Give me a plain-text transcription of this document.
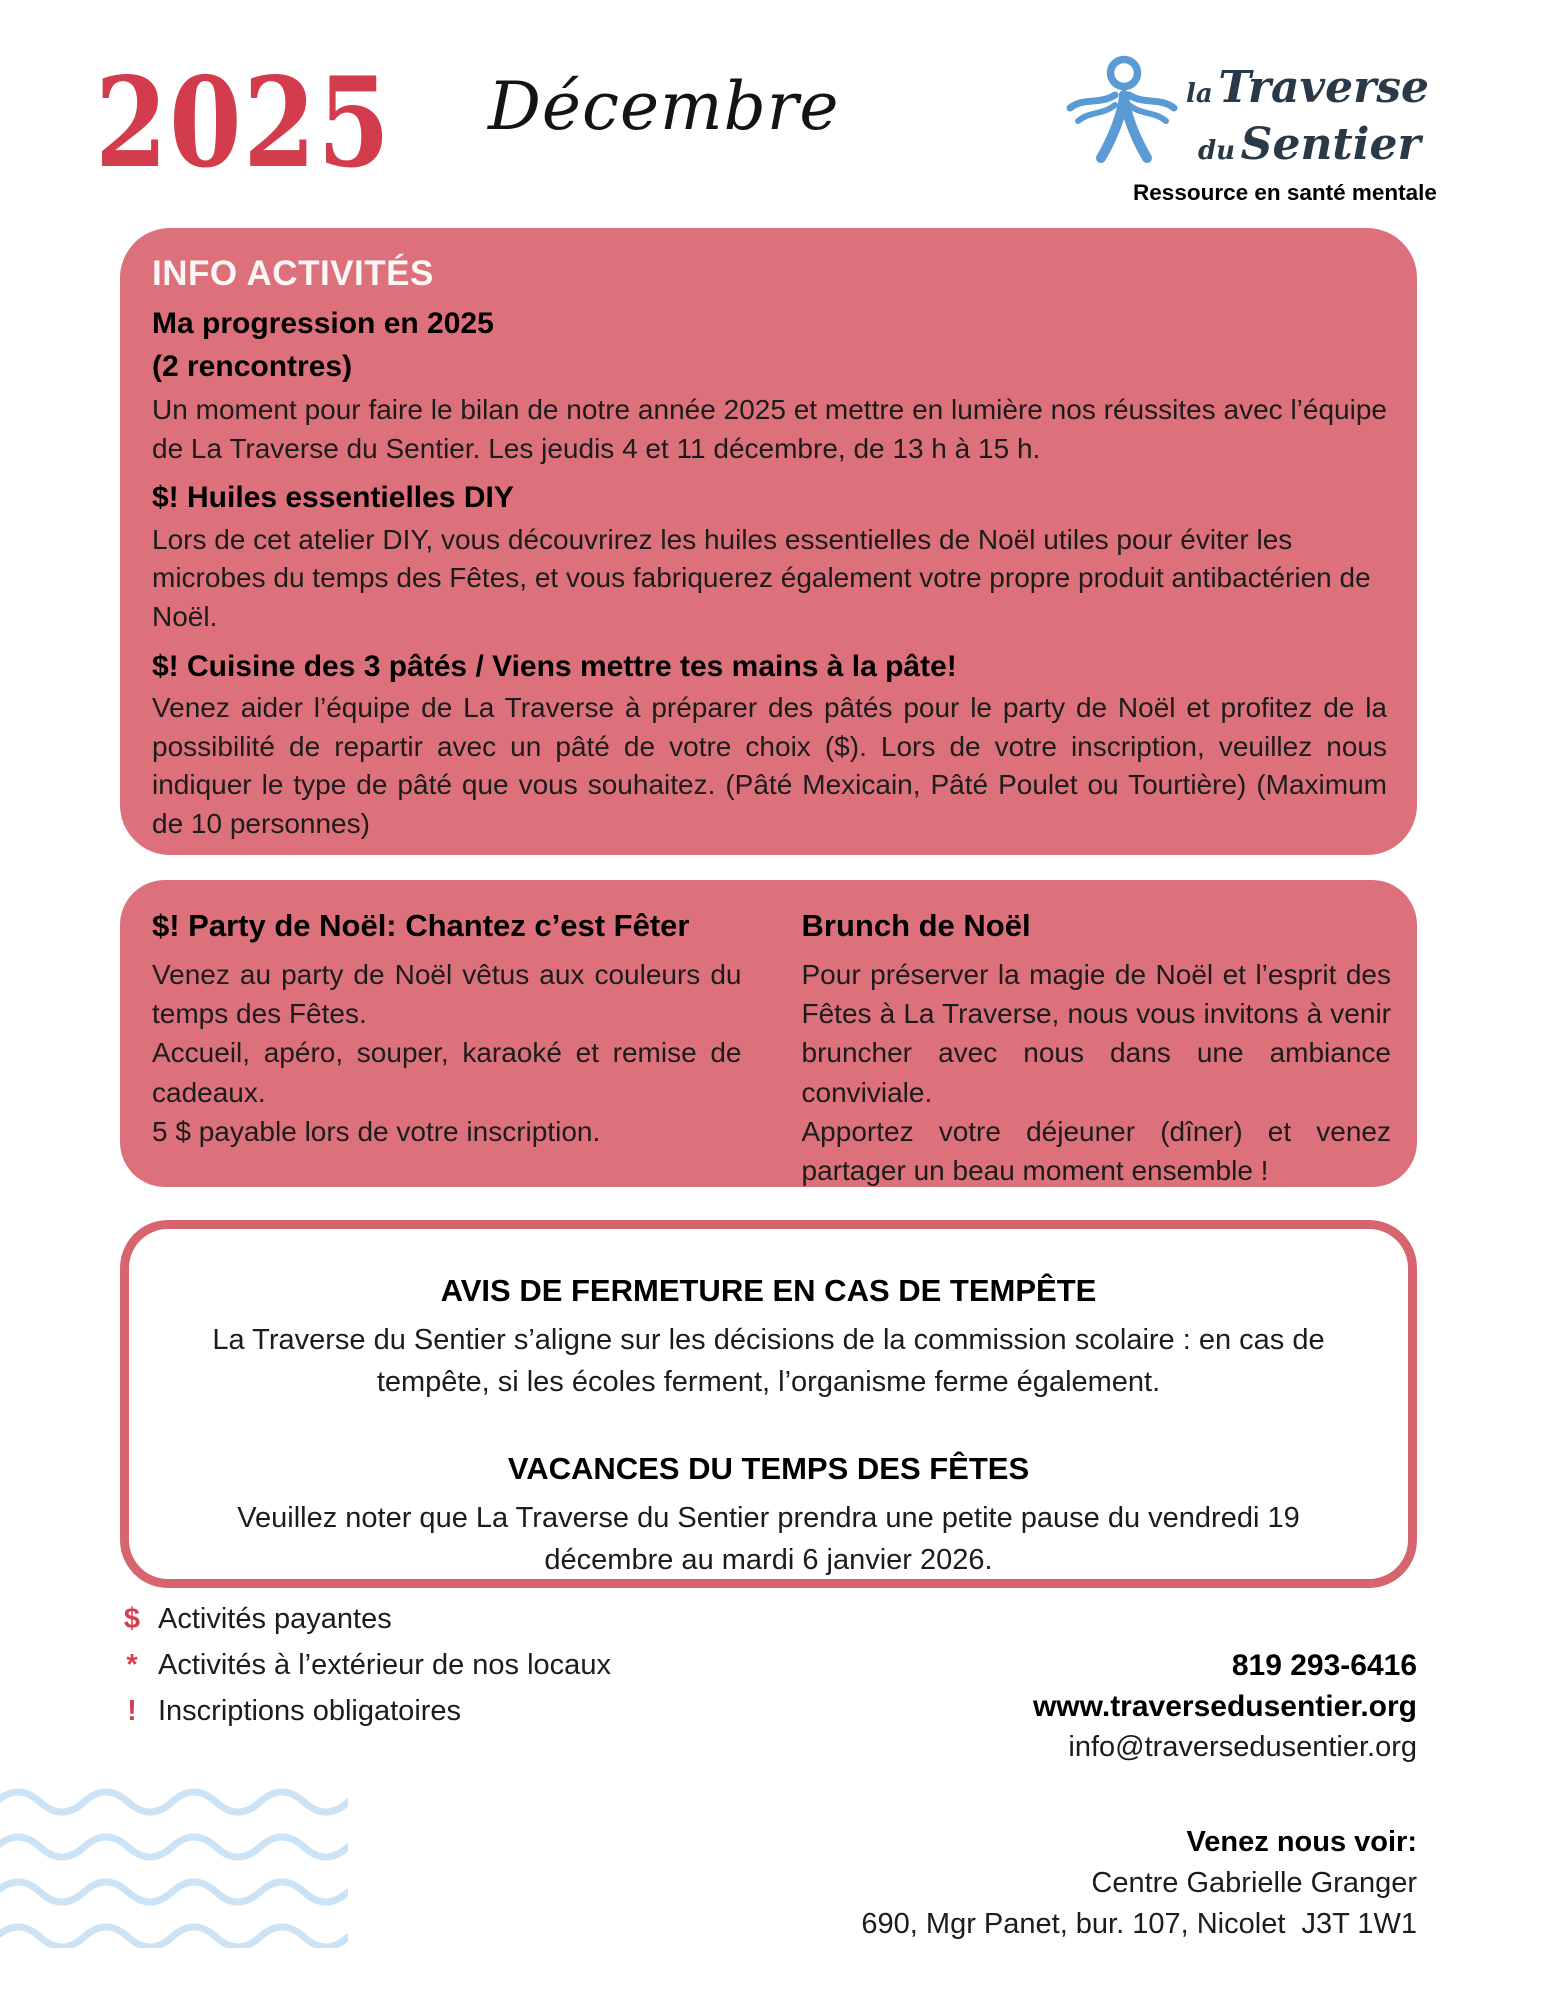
2025 Décembre	la Traverse
du Sentier
Ressource en santé mentale
INFO ACTIVITÉS
Ma progression en 2025
(2 rencontres)

Un moment pour faire le bilan de notre année 2025 et mettre en lumière nos réussites avec l’équipe de La Traverse du Sentier. Les jeudis 4 et 11 décembre, de 13 h à 15 h.

$! Huiles essentielles DIY

Lors de cet atelier DIY, vous découvrirez les huiles essentielles de Noël utiles pour éviter les microbes du temps des Fêtes, et vous fabriquerez également votre propre produit antibactérien de Noël.

$! Cuisine des 3 pâtés / Viens mettre tes mains à la pâte!

Venez aider l’équipe de La Traverse à préparer des pâtés pour le party de Noël et profitez de la possibilité de repartir avec un pâté de votre choix ($). Lors de votre inscription, veuillez nous indiquer le type de pâté que vous souhaitez. (Pâté Mexicain, Pâté Poulet ou Tourtière) (Maximum de 10 personnes)

$! Party de Noël: Chantez c’est Fêter

Venez au party de Noël vêtus aux couleurs du temps des Fêtes.

Accueil, apéro, souper, karaoké et remise de cadeaux.

5 $ payable lors de votre inscription.

Brunch de Noël

Pour préserver la magie de Noël et l’esprit des Fêtes à La Traverse, nous vous invitons à venir bruncher avec nous dans une ambiance conviviale.

Apportez votre déjeuner (dîner) et venez partager un beau moment ensemble !

AVIS DE FERMETURE EN CAS DE TEMPÊTE

La Traverse du Sentier s’aligne sur les décisions de la commission scolaire : en cas de tempête, si les écoles ferment, l’organisme ferme également.

VACANCES DU TEMPS DES FÊTES

Veuillez noter que La Traverse du Sentier prendra une petite pause du vendredi 19 décembre au mardi 6 janvier 2026.

$ Activités payantes
* Activités à l’extérieur de nos locaux
! Inscriptions obligatoires
819 293-6416
www.traversedusentier.org
info@traversedusentier.org
Venez nous voir:
Centre Gabrielle Granger
690, Mgr Panet, bur. 107, Nicolet  J3T 1W1
